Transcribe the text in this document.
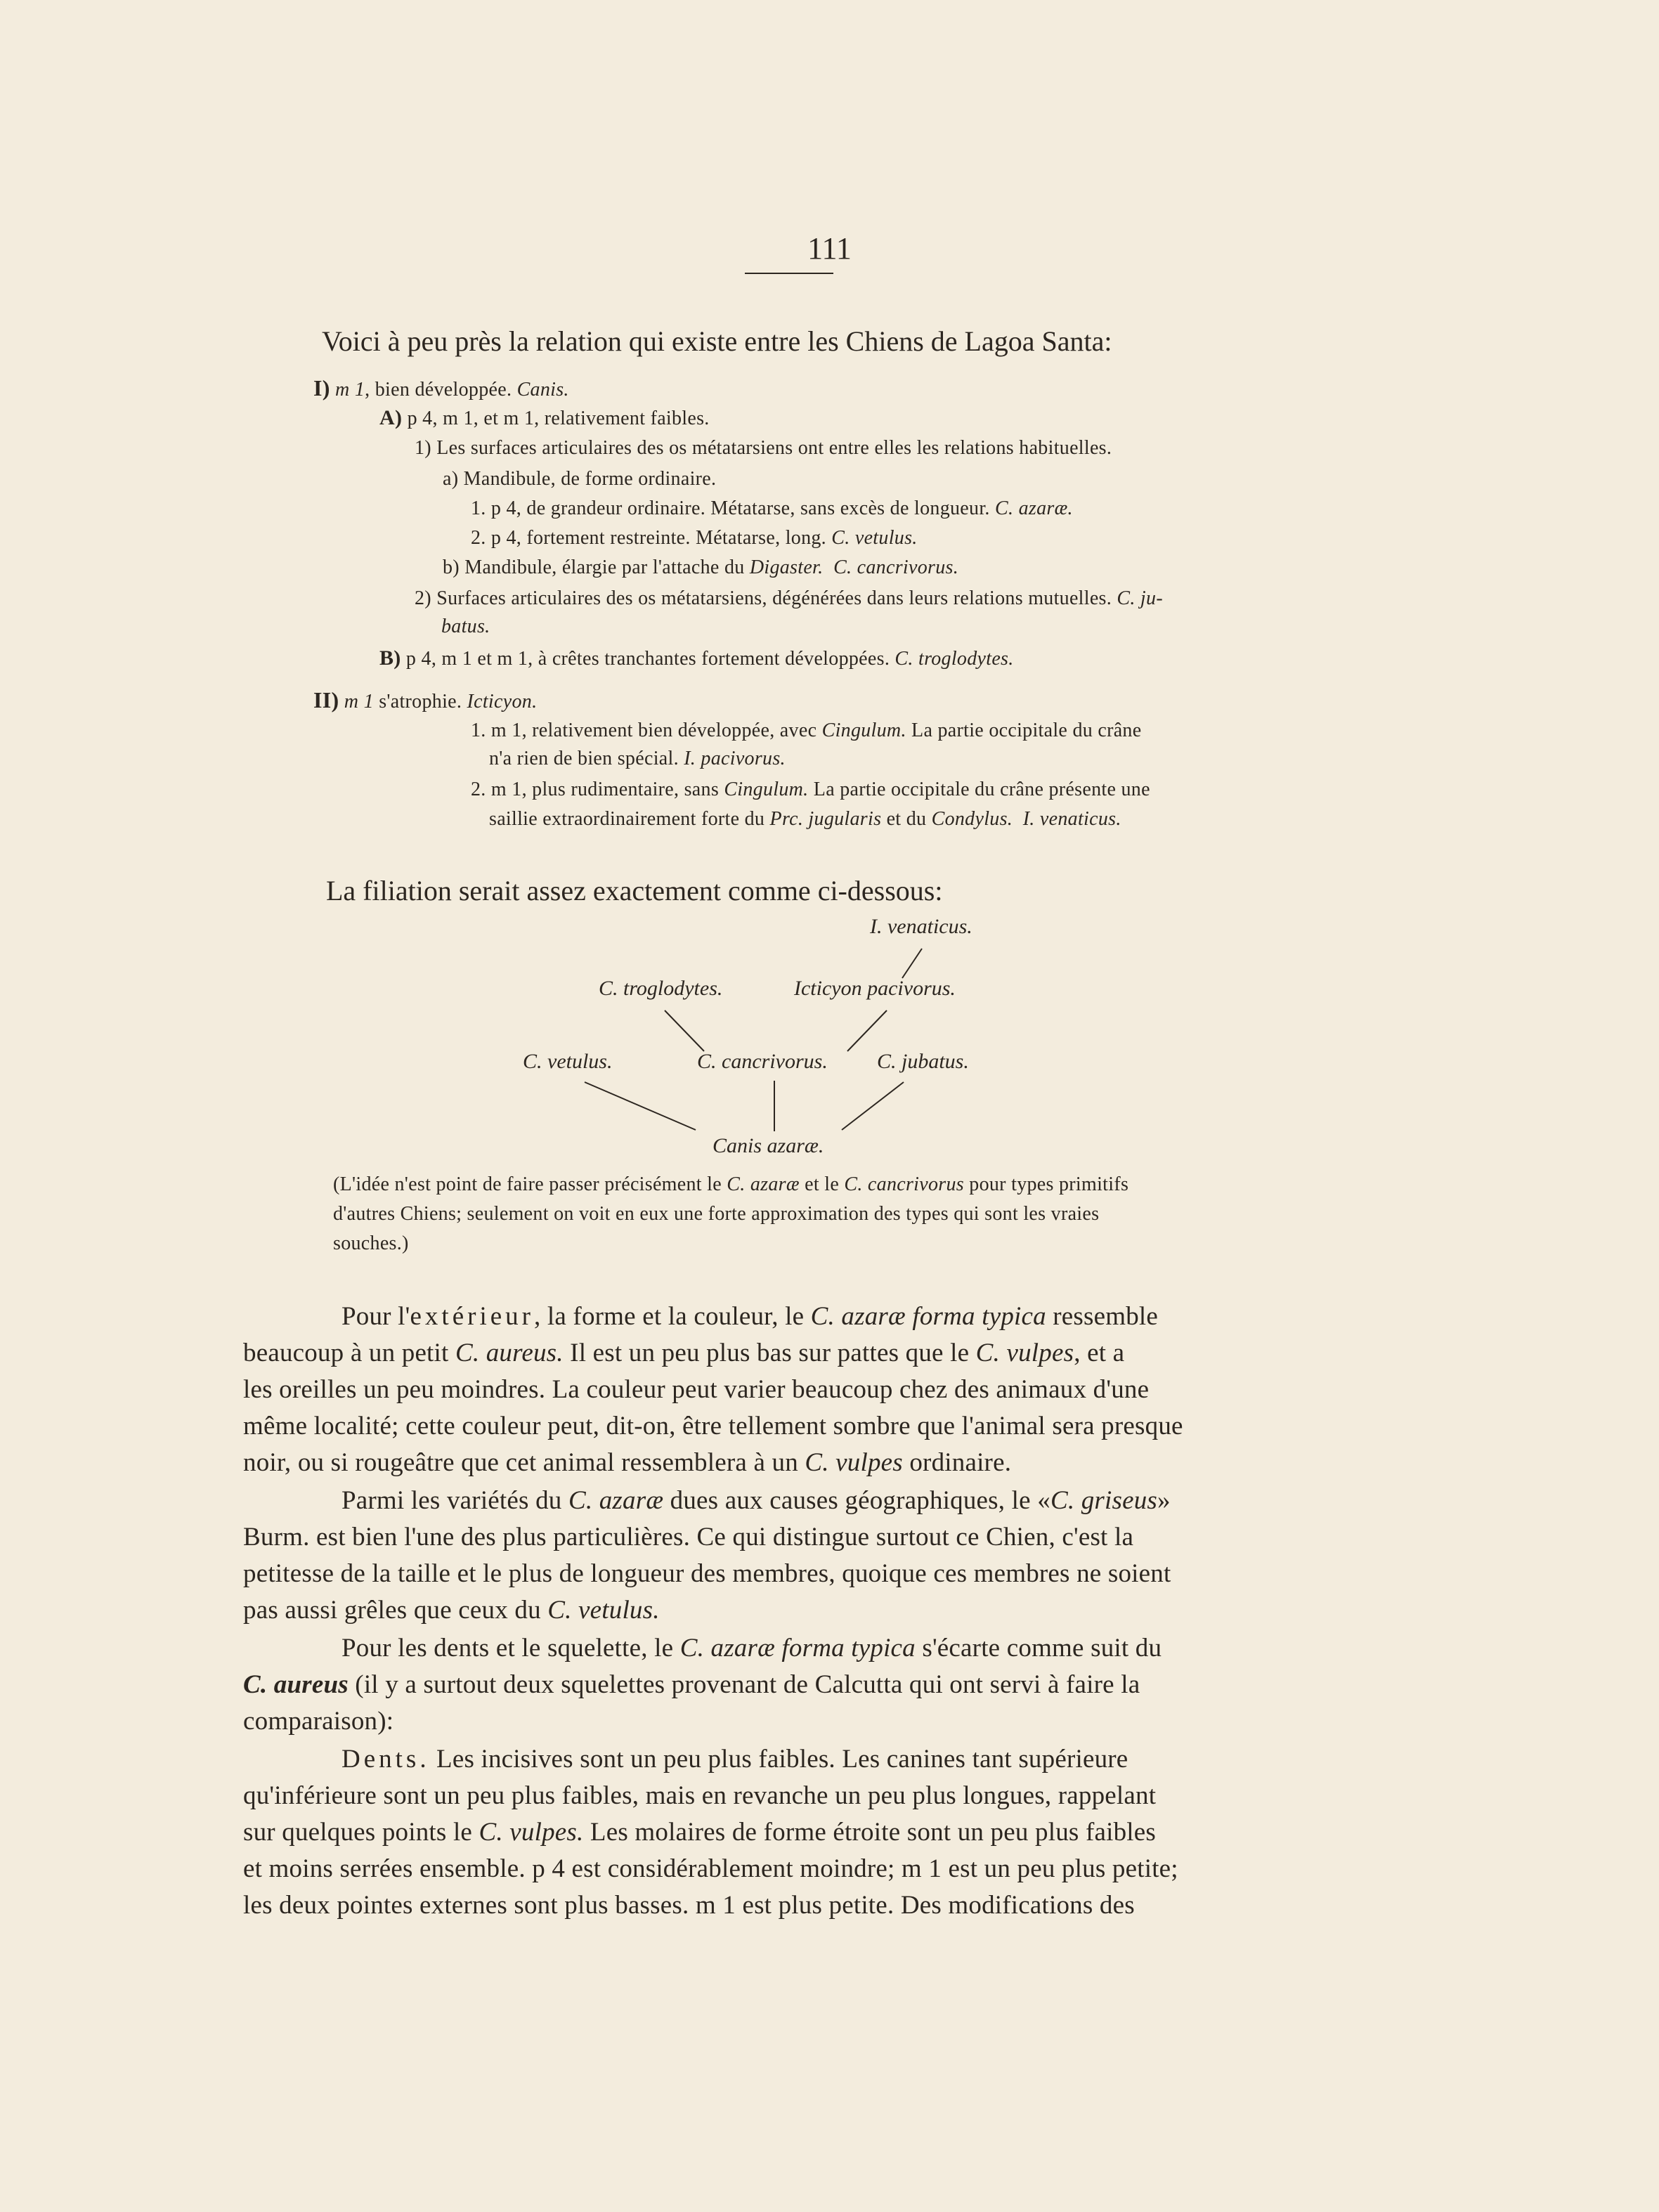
111
Voici à peu près la relation qui existe entre les Chiens de Lagoa Santa:
I) m 1, bien développée. Canis.
A) p 4, m 1, et m 1, relativement faibles.
1) Les surfaces articulaires des os métatarsiens ont entre elles les relations habituelles.
a) Mandibule, de forme ordinaire.
1. p 4, de grandeur ordinaire. Métatarse, sans excès de longueur. C. azaræ.
2. p 4, fortement restreinte. Métatarse, long. C. vetulus.
b) Mandibule, élargie par l'attache du Digaster. C. cancrivorus.
2) Surfaces articulaires des os métatarsiens, dégénérées dans leurs relations mutuelles. C. ju-
batus.
B) p 4, m 1 et m 1, à crêtes tranchantes fortement développées. C. troglodytes.
II) m 1 s'atrophie. Icticyon.
1. m 1, relativement bien développée, avec Cingulum. La partie occipitale du crâne
n'a rien de bien spécial. I. pacivorus.
2. m 1, plus rudimentaire, sans Cingulum. La partie occipitale du crâne présente une
saillie extraordinairement forte du Prc. jugularis et du Condylus. I. venaticus.
La filiation serait assez exactement comme ci-dessous:
I. venaticus.
C. troglodytes.	Icticyon pacivorus.
C. vetulus.	C. cancrivorus. C. jubatus.
Canis azaræ.
(L'idée n'est point de faire passer précisément le C. azaræ et le C. cancrivorus pour types primitifs
d'autres Chiens; seulement on voit en eux une forte approximation des types qui sont les vraies
souches.)
Pour l'extérieur, la forme et la couleur, le C. azaræ forma typica ressemble
beaucoup à un petit C. aureus. Il est un peu plus bas sur pattes que le C. vulpes, et a
les oreilles un peu moindres. La couleur peut varier beaucoup chez des animaux d'une
même localité; cette couleur peut, dit-on, être tellement sombre que l'animal sera presque
noir, ou si rougeâtre que cet animal ressemblera à un C. vulpes ordinaire.
Parmi les variétés du C. azaræ dues aux causes géographiques, le «C. griseus»
Burm. est bien l'une des plus particulières. Ce qui distingue surtout ce Chien, c'est la
petitesse de la taille et le plus de longueur des membres, quoique ces membres ne soient
pas aussi grêles que ceux du C. vetulus.
Pour les dents et le squelette, le C. azaræ forma typica s'écarte comme suit du
C. aureus (il y a surtout deux squelettes provenant de Calcutta qui ont servi à faire la
comparaison):
Dents. Les incisives sont un peu plus faibles. Les canines tant supérieure
qu'inférieure sont un peu plus faibles, mais en revanche un peu plus longues, rappelant
sur quelques points le C. vulpes. Les molaires de forme étroite sont un peu plus faibles
et moins serrées ensemble. p 4 est considérablement moindre; m 1 est un peu plus petite;
les deux pointes externes sont plus basses. m 1 est plus petite. Des modifications des
